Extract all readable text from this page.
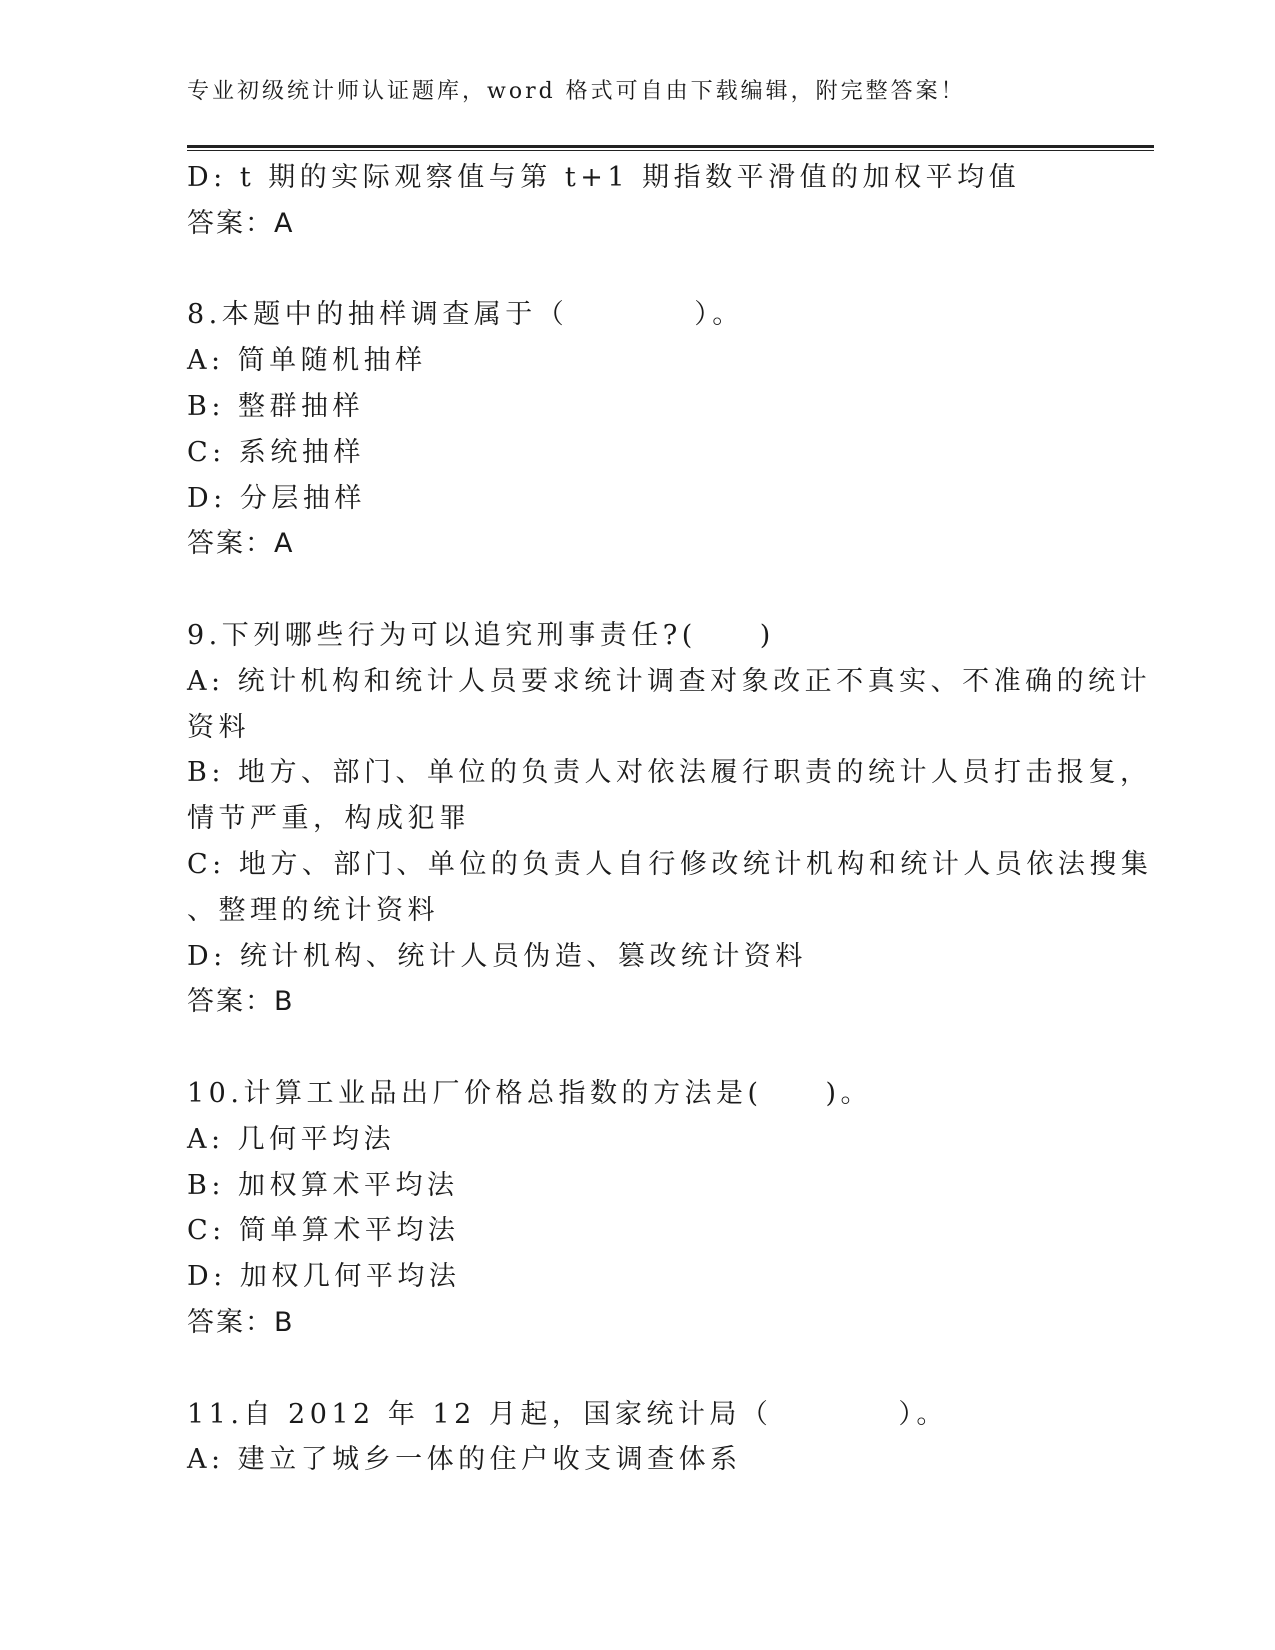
专业初级统计师认证题库，word 格式可自由下载编辑，附完整答案！
D: t 期的实际观察值与第 t+1 期指数平滑值的加权平均值
答案：A
8.本题中的抽样调查属于（　　　　）。
A: 简单随机抽样
B: 整群抽样
C: 系统抽样
D: 分层抽样
答案：A
9.下列哪些行为可以追究刑事责任?(　　)
A: 统计机构和统计人员要求统计调查对象改正不真实、不准确的统计
资料
B: 地方、部门、单位的负责人对依法履行职责的统计人员打击报复，
情节严重，构成犯罪
C: 地方、部门、单位的负责人自行修改统计机构和统计人员依法搜集
、整理的统计资料
D: 统计机构、统计人员伪造、篡改统计资料
答案：B
10.计算工业品出厂价格总指数的方法是(　　)。
A: 几何平均法
B: 加权算术平均法
C: 简单算术平均法
D: 加权几何平均法
答案：B
11.自 2012 年 12 月起，国家统计局（　　　　）。
A: 建立了城乡一体的住户收支调查体系
